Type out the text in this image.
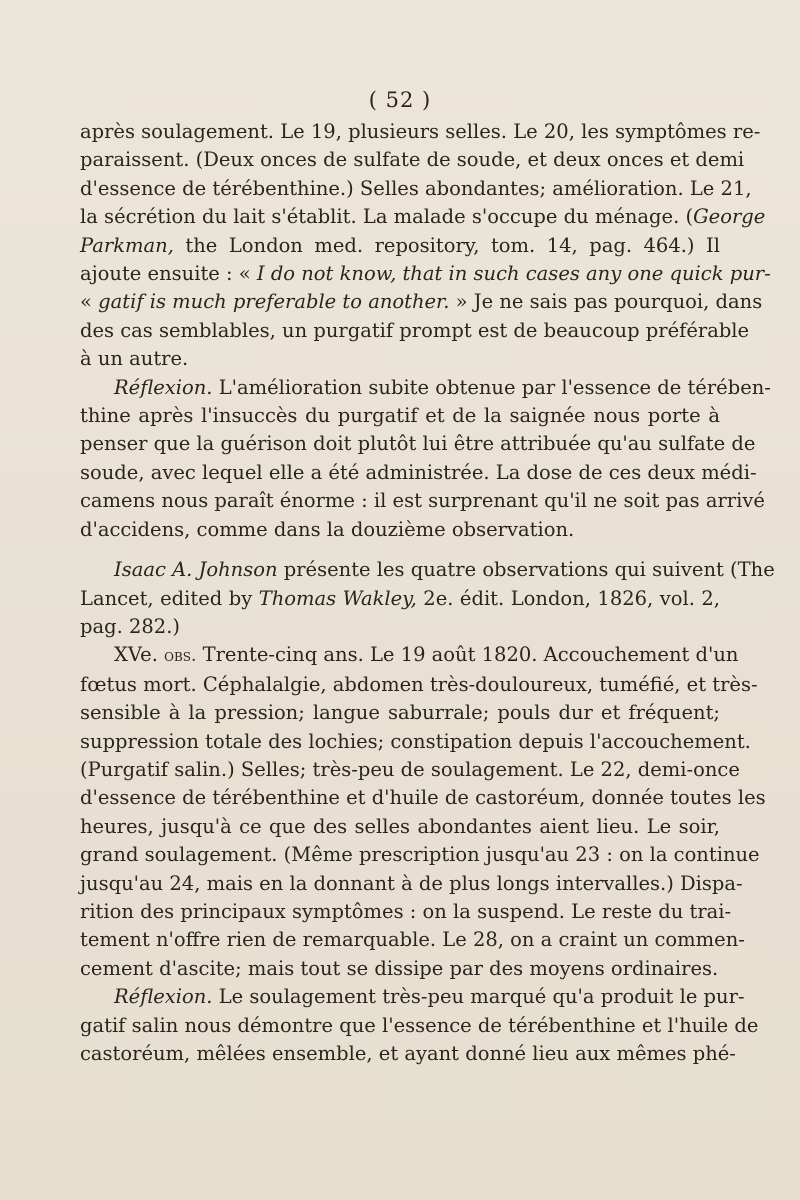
( 52 )
après soulagement. Le 19, plusieurs selles. Le 20, les symptômes re-
paraissent. (Deux onces de sulfate de soude, et deux onces et demi
d'essence de térébenthine.) Selles abondantes; amélioration. Le 21,
la sécrétion du lait s'établit. La malade s'occupe du ménage. (George
Parkman, the London med. repository, tom. 14, pag. 464.) Il
ajoute ensuite : « I do not know, that in such cases any one quick pur-
« gatif is much preferable to another. » Je ne sais pas pourquoi, dans
des cas semblables, un purgatif prompt est de beaucoup préférable
à un autre.
Réflexion. L'amélioration subite obtenue par l'essence de térében-
thine après l'insuccès du purgatif et de la saignée nous porte à
penser que la guérison doit plutôt lui être attribuée qu'au sulfate de
soude, avec lequel elle a été administrée. La dose de ces deux médi-
camens nous paraît énorme : il est surprenant qu'il ne soit pas arrivé
d'accidens, comme dans la douzième observation.
Isaac A. Johnson présente les quatre observations qui suivent (The
Lancet, edited by Thomas Wakley, 2e. édit. London, 1826, vol. 2,
pag. 282.)
XVe. obs. Trente-cinq ans. Le 19 août 1820. Accouchement d'un
fœtus mort. Céphalalgie, abdomen très-douloureux, tuméfié, et très-
sensible à la pression; langue saburrale; pouls dur et fréquent;
suppression totale des lochies; constipation depuis l'accouchement.
(Purgatif salin.) Selles; très-peu de soulagement. Le 22, demi-once
d'essence de térébenthine et d'huile de castoréum, donnée toutes les
heures, jusqu'à ce que des selles abondantes aient lieu. Le soir,
grand soulagement. (Même prescription jusqu'au 23 : on la continue
jusqu'au 24, mais en la donnant à de plus longs intervalles.) Dispa-
rition des principaux symptômes : on la suspend. Le reste du trai-
tement n'offre rien de remarquable. Le 28, on a craint un commen-
cement d'ascite; mais tout se dissipe par des moyens ordinaires.
Réflexion. Le soulagement très-peu marqué qu'a produit le pur-
gatif salin nous démontre que l'essence de térébenthine et l'huile de
castoréum, mêlées ensemble, et ayant donné lieu aux mêmes phé-
